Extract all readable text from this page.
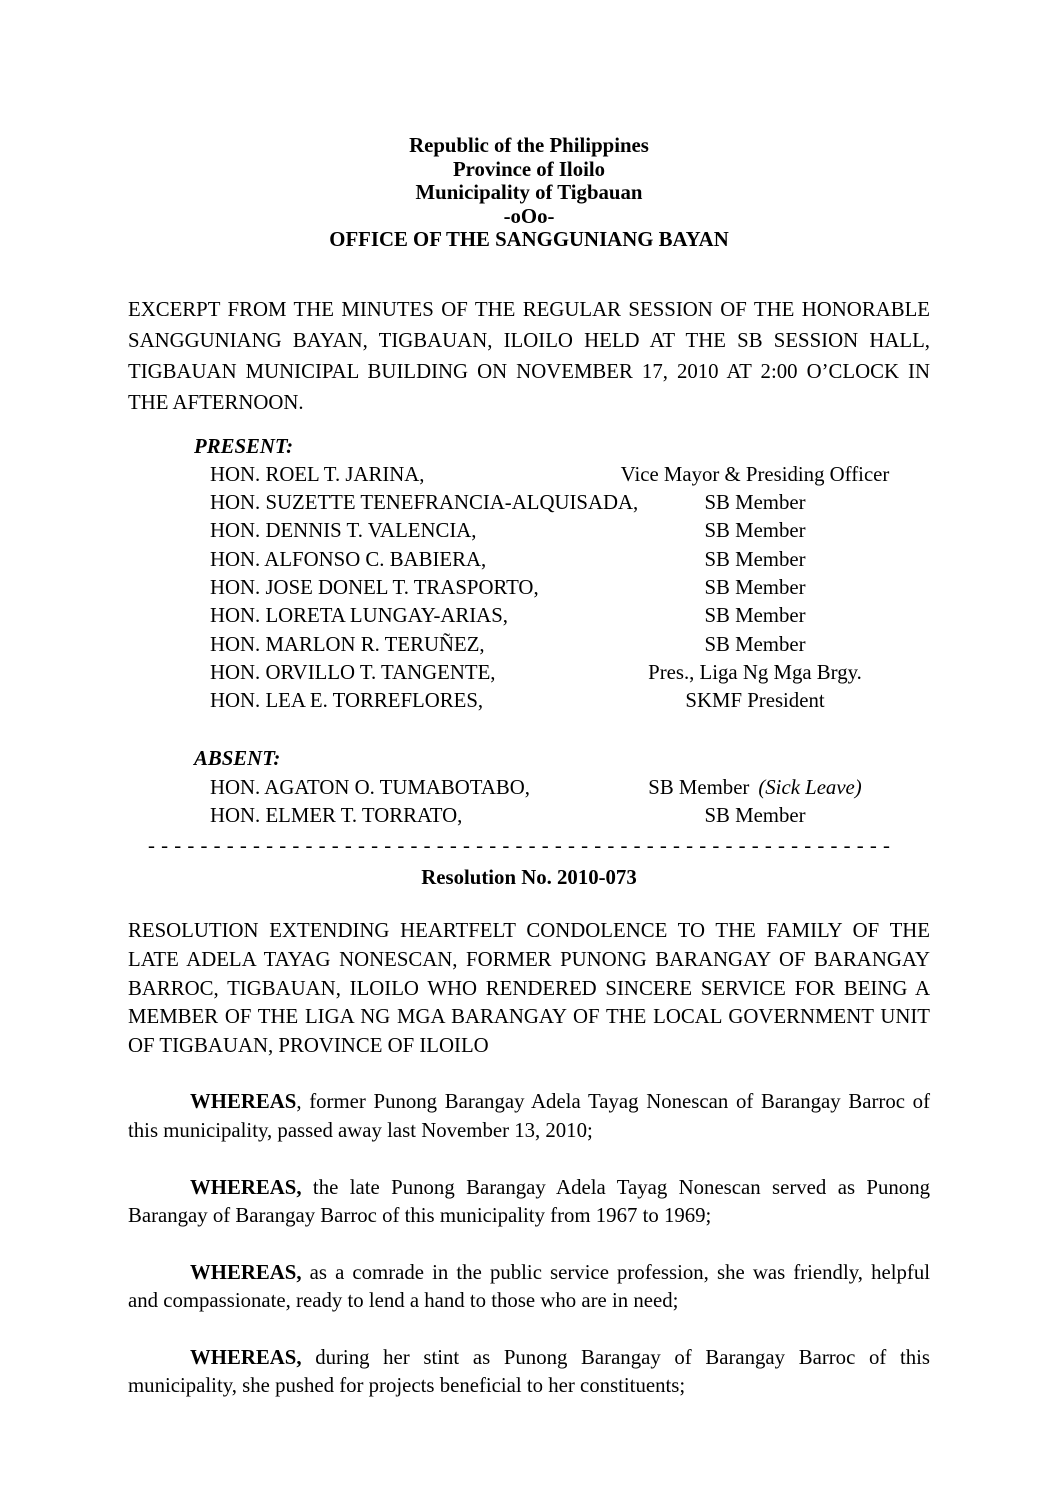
Republic of the Philippines
Province of Iloilo
Municipality of Tigbauan
-oOo-
OFFICE OF THE SANGGUNIANG BAYAN

EXCERPT FROM THE MINUTES OF THE REGULAR SESSION OF THE HONORABLE SANGGUNIANG BAYAN, TIGBAUAN, ILOILO HELD AT THE SB SESSION HALL, TIGBAUAN MUNICIPAL BUILDING ON NOVEMBER 17, 2010 AT 2:00 O’CLOCK IN THE AFTERNOON.

PRESENT:
HON. ROEL T. JARINA,	Vice Mayor & Presiding Officer
HON. SUZETTE TENEFRANCIA-ALQUISADA,	SB Member
HON. DENNIS T. VALENCIA,	SB Member
HON. ALFONSO C. BABIERA,	SB Member
HON. JOSE DONEL T. TRASPORTO,	SB Member
HON. LORETA LUNGAY-ARIAS,	SB Member
HON. MARLON R. TERUÑEZ,	SB Member
HON. ORVILLO T. TANGENTE,	Pres., Liga Ng Mga Brgy.
HON. LEA E. TORREFLORES,	SKMF President
ABSENT:
HON. AGATON O. TUMABOTABO,	SB Member (Sick Leave)
HON. ELMER T. TORRATO,	SB Member
- - - - - - - - - - - - - - - - - - - - - - - - - - - - - - - - - - - - - - - - - - - - - - - - - - - - - - - - -
Resolution No. 2010-073

RESOLUTION EXTENDING HEARTFELT CONDOLENCE TO THE FAMILY OF THE LATE ADELA TAYAG NONESCAN, FORMER PUNONG BARANGAY OF BARANGAY BARROC, TIGBAUAN, ILOILO WHO RENDERED SINCERE SERVICE FOR BEING A MEMBER OF THE LIGA NG MGA BARANGAY OF THE LOCAL GOVERNMENT UNIT OF TIGBAUAN, PROVINCE OF ILOILO

WHEREAS, former Punong Barangay Adela Tayag Nonescan of Barangay Barroc of this municipality, passed away last November 13, 2010;

WHEREAS, the late Punong Barangay Adela Tayag Nonescan served as Punong Barangay of Barangay Barroc of this municipality from 1967 to 1969;

WHEREAS, as a comrade in the public service profession, she was friendly, helpful and compassionate, ready to lend a hand to those who are in need;

WHEREAS, during her stint as Punong Barangay of Barangay Barroc of this municipality, she pushed for projects beneficial to her constituents;
